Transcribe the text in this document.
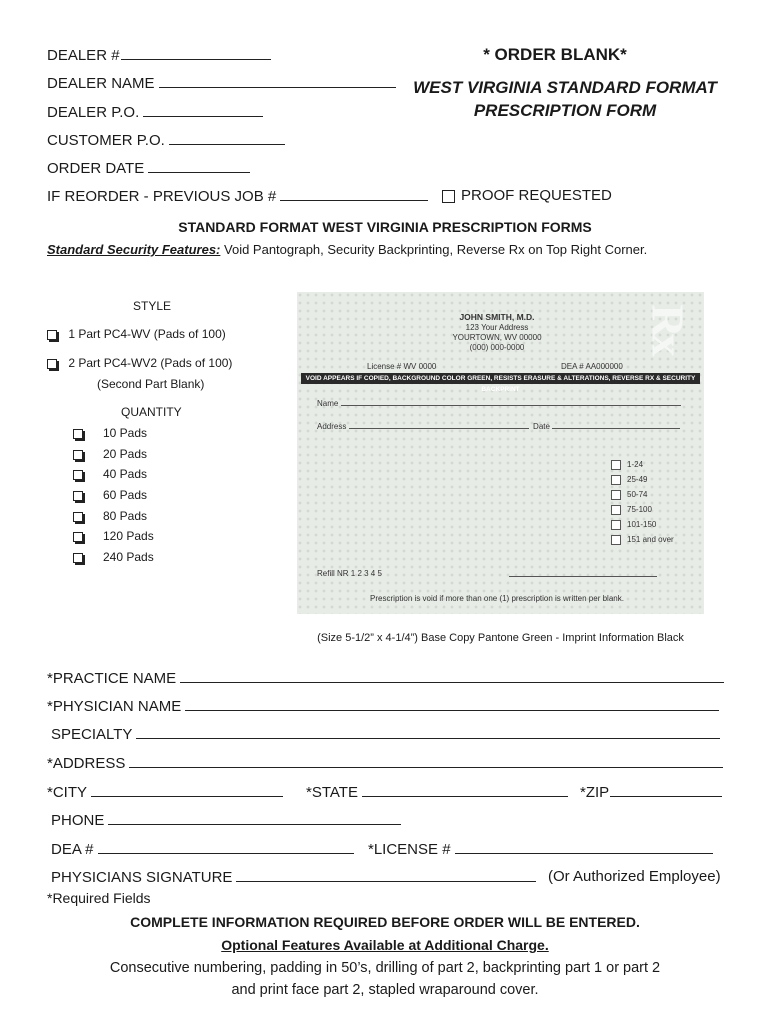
DEALER #
DEALER NAME
DEALER P.O.
CUSTOMER P.O.
ORDER DATE
IF REORDER - PREVIOUS JOB #	PROOF REQUESTED
* ORDER BLANK*
WEST VIRGINIA STANDARD FORMAT
PRESCRIPTION FORM
STANDARD FORMAT WEST VIRGINIA PRESCRIPTION FORMS
Standard Security Features: Void Pantograph, Security Backprinting, Reverse Rx on Top Right Corner.
STYLE
1 Part PC4-WV (Pads of 100)
2 Part PC4-WV2 (Pads of 100)
(Second Part Blank)
QUANTITY
10 Pads
20 Pads
40 Pads
60 Pads
80 Pads
120 Pads
240 Pads
Rx
JOHN SMITH, M.D.
123 Your Address
YOURTOWN, WV 00000
(000) 000-0000
License # WV 0000	DEA # AA000000
VOID APPEARS IF COPIED, BACKGROUND COLOR GREEN, RESISTS ERASURE & ALTERATIONS, REVERSE RX & SECURITY BACKPRINT
Name
Address	Date
1-24
25-49
50-74
75-100
101-150
151 and over
Refill NR 1 2 3 4 5
Prescription is void if more than one (1) prescription is written per blank.
(Size 5-1/2” x 4-1/4”) Base Copy Pantone Green - Imprint Information Black
*PRACTICE NAME
*PHYSICIAN NAME
SPECIALTY
*ADDRESS
*CITY	*STATE	*ZIP
PHONE
DEA #	*LICENSE #
PHYSICIANS SIGNATURE	(Or Authorized Employee)
*Required Fields
COMPLETE INFORMATION REQUIRED BEFORE ORDER WILL BE ENTERED.
Optional Features Available at Additional Charge.
Consecutive numbering, padding in 50’s, drilling of part 2, backprinting part 1 or part 2
and print face part 2, stapled wraparound cover.
